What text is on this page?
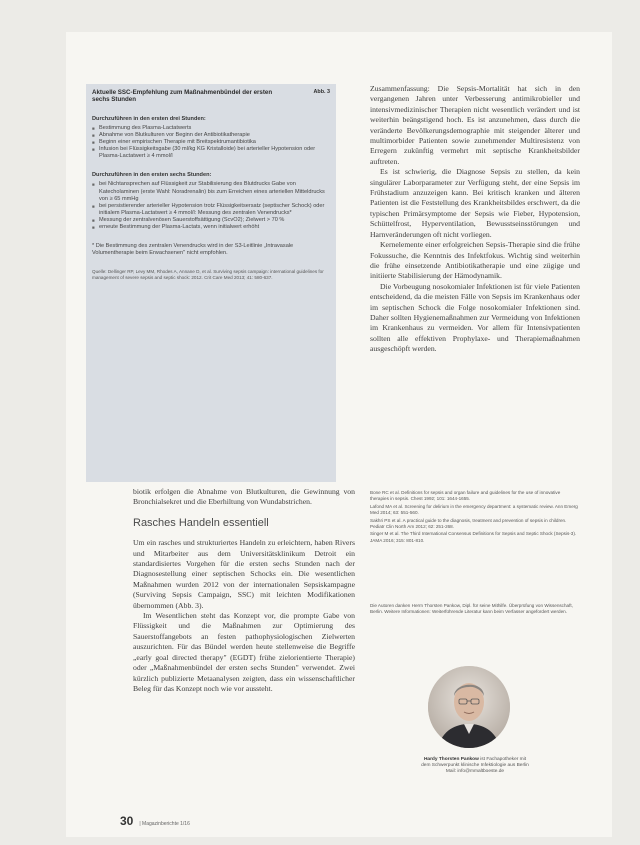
Aktuelle SSC-Empfehlung zum Maßnahmenbündel der ersten sechs Stunden
Abb. 3
Durchzuführen in den ersten drei Stunden:
■ Bestimmung des Plasma-Lactatwerts
■ Abnahme von Blutkulturen vor Beginn der Antibiotikatherapie
■ Beginn einer empirischen Therapie mit Breitspektrumantibiotika
■ Infusion bei Flüssigkeitsgabe (30 ml/kg KG Kristalloide) bei arterieller Hypotension oder Plasma-Lactatwert ≥ 4 mmol/l
Durchzuführen in den ersten sechs Stunden:
■ bei Nichtansprechen auf Flüssigkeit zur Stabilisierung des Blutdrucks Gabe von Katecholaminen (erste Wahl: Noradrenalin) bis zum Erreichen eines arteriellen Mitteldrucks von ≥ 65 mmHg
■ bei persistierender arterieller Hypotension trotz Flüssigkeitsersatz (septischer Schock) oder initialem Plasma-Lactatwert ≥ 4 mmol/l: Messung des zentralen Venendrucks*
■ Messung der zentralvenösen Sauerstoffsättigung (ScvO2); Zielwert > 70 %
■ erneute Bestimmung der Plasma-Lactats, wenn initialwert erhöht
* Die Bestimmung des zentralen Venendrucks wird in der S3-Leitlinie „Intravasale Volumentherapie beim Erwachsenen" nicht empfohlen.
Quelle: Dellinger RP, Levy MM, Rhodes A, Annane D, et al. Surviving sepsis campaign: international guidelines for management of severe sepsis and septic shock: 2012. Crit Care Med 2013; 41: 580-637.

biotik erfolgen die Abnahme von Blutkulturen, die Gewinnung von Bronchialsekret und die Eberhiltung von Wundabstrichen.

Rasches Handeln essentiell

Um ein rasches und strukturiertes Handeln zu erleichtern, haben Rivers und Mitarbeiter aus dem Universitätsklinikum Detroit ein standardisiertes Vorgehen für die ersten sechs Stunden nach der Diagnosestellung einer septischen Schocks ein. Die wesentlichen Maßnahmen wurden 2012 von der internationalen Sepsiskampagne (Surviving Sepsis Campaign, SSC) mit leichten Modifikationen übernommen (Abb. 3).

Im Wesentlichen steht das Konzept vor, die prompte Gabe von Flüssigkeit und die Maßnahmen zur Optimierung des Sauerstoffangebots an festen pathophysiologischen Zielwerten auszurichten. Für das Bündel werden heute stellenweise die Begriffe „early goal directed therapy" (EGDT) frühe zielorientierte Therapie) oder „Maßnahmenbündel der ersten sechs Stunden" verwendet. Zwei kürzlich publizierte Metaanalysen zeigten, dass ein wissenschaftlicher Beleg für das Konzept noch wie vor aussteht.

Zusammenfassung: Die Sepsis-Mortalität hat sich in den vergangenen Jahren unter Verbesserung antimikrobieller und intensivmedizinischer Therapien nicht wesentlich verändert und ist weiterhin beängstigend hoch. Es ist anzunehmen, dass durch die veränderte Bevölkerungsdemographie mit steigender älterer und multimorbider Patienten sowie zunehmender Multiresistenz von Erregern zukünftig vermehrt mit septische Krankheitsbilder auftreten.

Es ist schwierig, die Diagnose Sepsis zu stellen, da kein singulärer Laborparameter zur Verfügung steht, der eine Sepsis im Frühstadium anzuzeigen kann. Bei kritisch kranken und älteren Patienten ist die Feststellung des Krankheitsbildes erschwert, da die typischen Primärsymptome der Sepsis wie Fieber, Hypotension, Schüttelfrost, Hyperventilation, Bewusstseinsstörungen und Harnveränderungen oft nicht vorliegen.

Kernelemente einer erfolgreichen Sepsis-Therapie sind die frühe Fokussuche, die Kenntnis des Infektfokus. Wichtig sind weiterhin die frühe einsetzende Antibiotikatherapie und eine zügige und initiierte Stabilisierung der Hämodynamik.

Die Vorbeugung nosokomialer Infektionen ist für viele Patienten entscheidend, da die meisten Fälle von Sepsis im Krankenhaus oder im septischen Schock die Folge nosokomialer Infektionen sind. Daher sollten Hygienemaßnahmen zur Vermeidung von Infektionen im Krankenhaus zu vermeiden. Vor allem für Intensivpatienten sollten alle effektiven Prophylaxe- und Therapiemaßnahmen ausgeschöpft werden.

Bone RC et al. Definitions for sepsis and organ failure and guidelines for the use of innovative therapies in sepsis. Chest 1992; 101: 1644-1655.

Lafond MA et al. Screening for delirium in the emergency department: a systematic review. Ann Emerg Med 2014; 63: 551-560.

Sakhri PS et al. A practical guide to the diagnosis, treatment and prevention of sepsis in children. Pediatr Clin North Am 2012; 62: 251-268.

Singer M et al. The Third International Consensus Definitions for Sepsis and Septic Shock (Sepsis-3). JAMA 2016; 315: 801-810.

Die Autoren danken Herrn Thorsten Pankow, Dipl. für seine Mithilfe. Überprüfung von Wissenschaft, Berlin. Weitere Informationen: Weiterführende Literatur kann beim Verfasser angefordert werden.
Hardy Thorsten Pankow ist Fachapotheker mit
dem Schwerpunkt klinische Infektiologie aus Berlin
Mail: info@mmaltboeste.de
30 | Magazinberichte 1/16
